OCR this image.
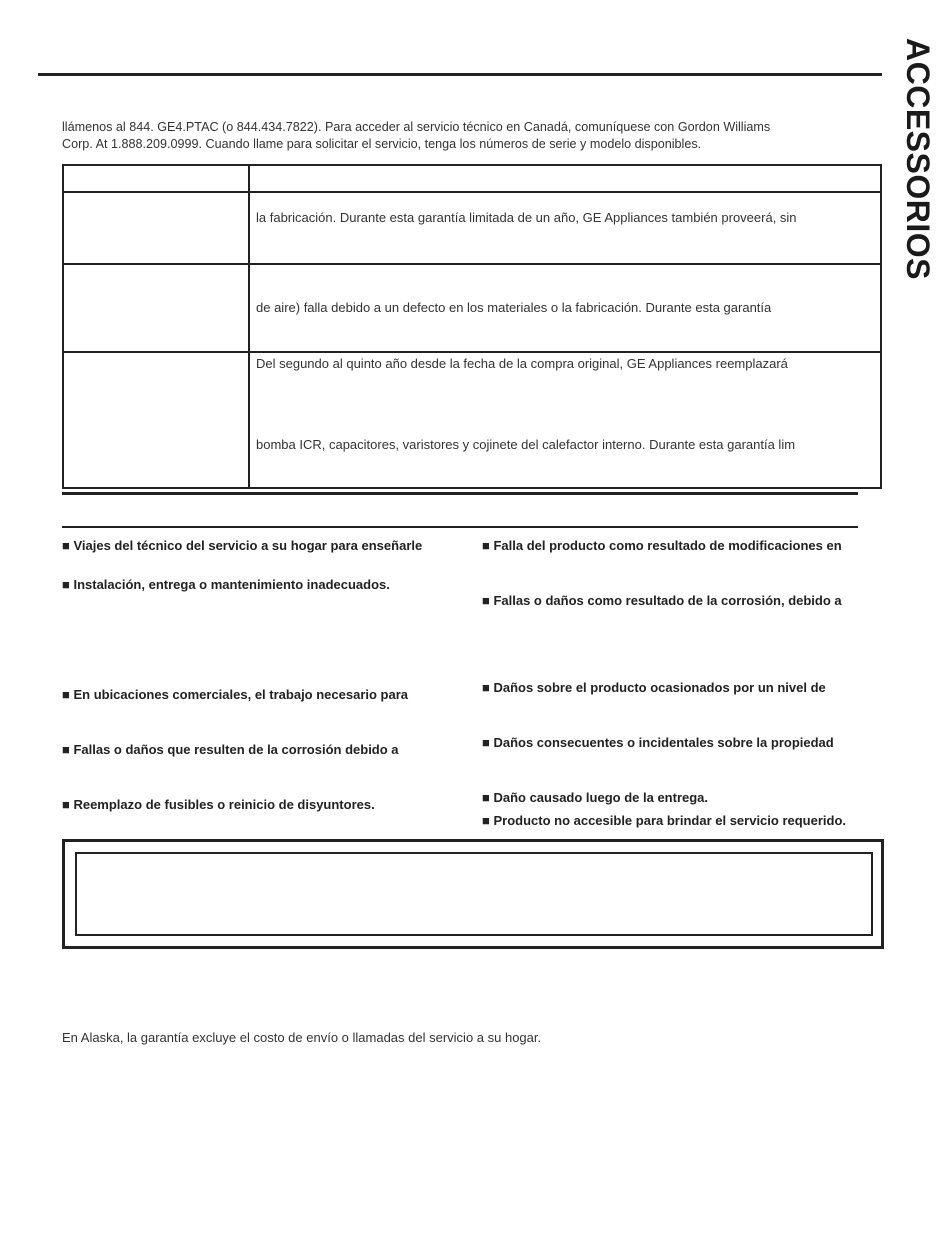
ACCESSORIOS
llámenos al 844. GE4.PTAC (o 844.434.7822). Para acceder al servicio técnico en Canadá, comuníquese con Gordon Williams
Corp. At 1.888.209.0999. Cuando llame para solicitar el servicio, tenga los números de serie y modelo disponibles.

	la fabricación. Durante esta garantía limitada de un año, GE Appliances también proveerá, sin

	de aire) falla debido a un defecto en los materiales o la fabricación. Durante esta garantía

	Del segundo al quinto año desde la fecha de la compra original, GE Appliances reemplazará
bomba ICR, capacitores, varistores y cojinete del calefactor interno. Durante esta garantía lim
■ Viajes del técnico del servicio a su hogar para enseñarle
■ Instalación, entrega o mantenimiento inadecuados.
■ En ubicaciones comerciales, el trabajo necesario para
■ Fallas o daños que resulten de la corrosión debido a
■ Reemplazo de fusibles o reinicio de disyuntores.
■ Falla del producto como resultado de modificaciones en
■ Fallas o daños como resultado de la corrosión, debido a
■ Daños sobre el producto ocasionados por un nivel de
■ Daños consecuentes o incidentales sobre la propiedad
■ Daño causado luego de la entrega.
■ Producto no accesible para brindar el servicio requerido.
En Alaska, la garantía excluye el costo de envío o llamadas del servicio a su hogar.
